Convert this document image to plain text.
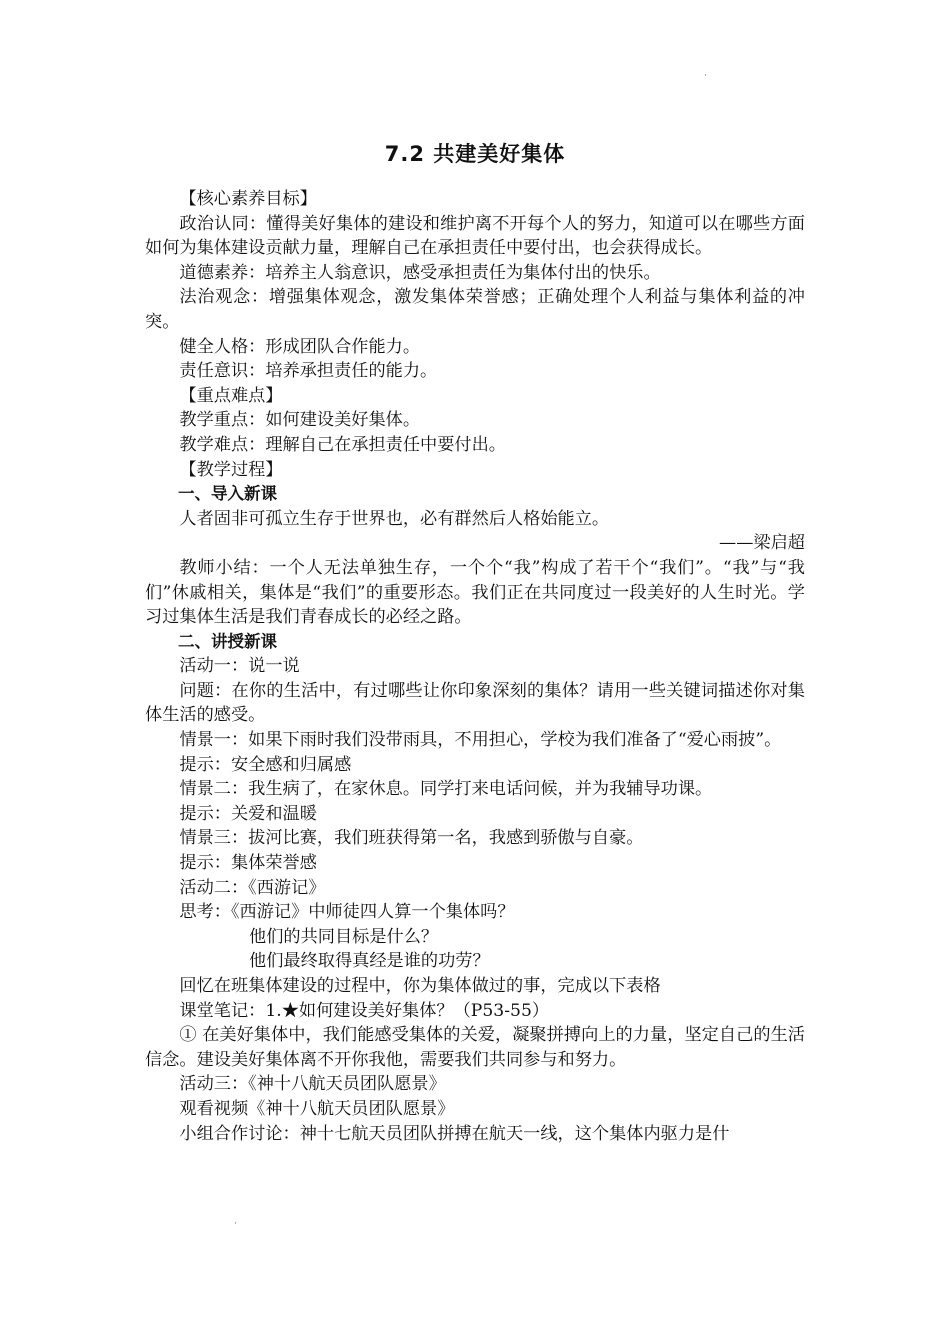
˙
7.2 共建美好集体

【核心素养目标】

政治认同：懂得美好集体的建设和维护离不开每个人的努力，知道可以在哪些方面如何为集体建设贡献力量，理解自己在承担责任中要付出，也会获得成长。

道德素养：培养主人翁意识，感受承担责任为集体付出的快乐。

法治观念：增强集体观念，激发集体荣誉感；正确处理个人利益与集体利益的冲突。

健全人格：形成团队合作能力。

责任意识：培养承担责任的能力。

【重点难点】

教学重点：如何建设美好集体。

教学难点：理解自己在承担责任中要付出。

【教学过程】

一、导入新课

人者固非可孤立生存于世界也，必有群然后人格始能立。

——梁启超

教师小结：一个人无法单独生存，一个个“我”构成了若干个“我们”。“我”与“我们”休戚相关，集体是“我们”的重要形态。我们正在共同度过一段美好的人生时光。学习过集体生活是我们青春成长的必经之路。

二、讲授新课

活动一：说一说

问题：在你的生活中，有过哪些让你印象深刻的集体？请用一些关键词描述你对集体生活的感受。

情景一：如果下雨时我们没带雨具，不用担心，学校为我们准备了“爱心雨披”。

提示：安全感和归属感

情景二：我生病了，在家休息。同学打来电话问候，并为我辅导功课。

提示：关爱和温暖

情景三：拔河比赛，我们班获得第一名，我感到骄傲与自豪。

提示：集体荣誉感

活动二：《西游记》

思考：《西游记》中师徒四人算一个集体吗？

他们的共同目标是什么？

他们最终取得真经是谁的功劳？

回忆在班集体建设的过程中，你为集体做过的事，完成以下表格

课堂笔记：1.★如何建设美好集体？（P53-55）

① 在美好集体中，我们能感受集体的关爱，凝聚拼搏向上的力量，坚定自己的生活信念。建设美好集体离不开你我他，需要我们共同参与和努力。

活动三：《神十八航天员团队愿景》

观看视频《神十八航天员团队愿景》

小组合作讨论：神十七航天员团队拼搏在航天一线，这个集体内驱力是什

˙
